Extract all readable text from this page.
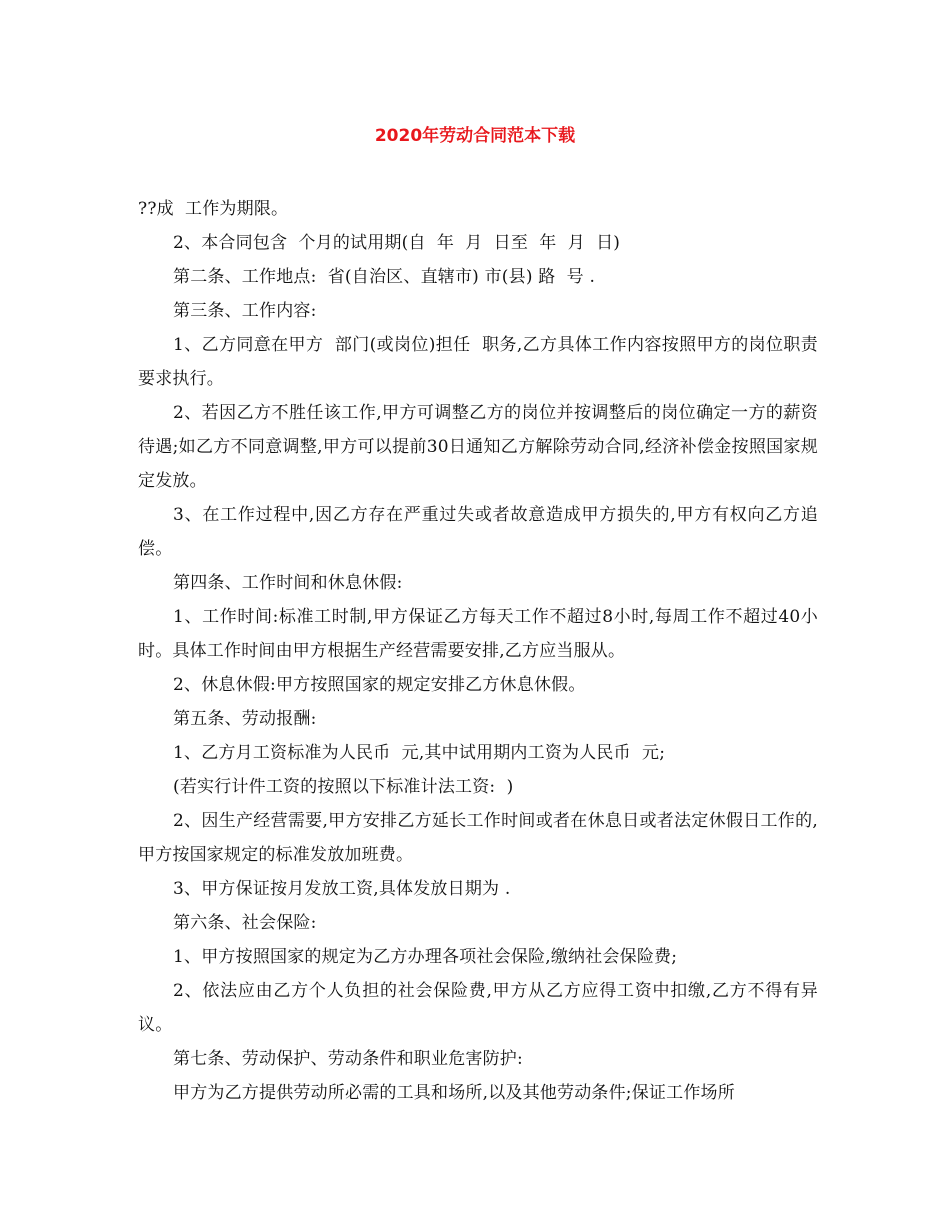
2020年劳动合同范本下载

??成  工作为期限。

2、本合同包含  个月的试用期(自  年  月  日至  年  月  日)

第二条、工作地点:  省(自治区、直辖市) 市(县) 路  号 .

第三条、工作内容:

1、乙方同意在甲方  部门(或岗位)担任  职务,乙方具体工作内容按照甲方的岗位职责要求执行。

2、若因乙方不胜任该工作,甲方可调整乙方的岗位并按调整后的岗位确定一方的薪资待遇;如乙方不同意调整,甲方可以提前30日通知乙方解除劳动合同,经济补偿金按照国家规定发放。

3、在工作过程中,因乙方存在严重过失或者故意造成甲方损失的,甲方有权向乙方追偿。

第四条、工作时间和休息休假:

1、工作时间:标准工时制,甲方保证乙方每天工作不超过8小时,每周工作不超过40小时。具体工作时间由甲方根据生产经营需要安排,乙方应当服从。

2、休息休假:甲方按照国家的规定安排乙方休息休假。

第五条、劳动报酬:

1、乙方月工资标准为人民币  元,其中试用期内工资为人民币  元;

(若实行计件工资的按照以下标准计法工资:  )

2、因生产经营需要,甲方安排乙方延长工作时间或者在休息日或者法定休假日工作的,甲方按国家规定的标准发放加班费。

3、甲方保证按月发放工资,具体发放日期为 .

第六条、社会保险:

1、甲方按照国家的规定为乙方办理各项社会保险,缴纳社会保险费;

2、依法应由乙方个人负担的社会保险费,甲方从乙方应得工资中扣缴,乙方不得有异议。

第七条、劳动保护、劳动条件和职业危害防护:

甲方为乙方提供劳动所必需的工具和场所,以及其他劳动条件;保证工作场所
